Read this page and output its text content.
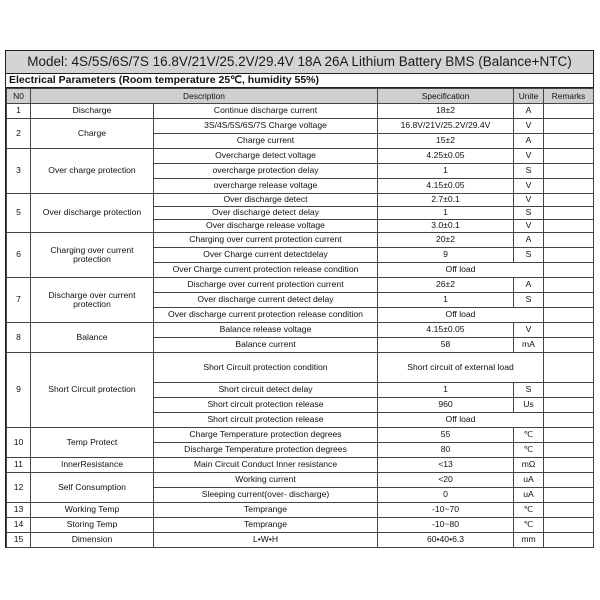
Model: 4S/5S/6S/7S 16.8V/21V/25.2V/29.4V 18A 26A Lithium Battery BMS (Balance+NTC)
Electrical Parameters (Room temperature 25℃, humidity 55%)
N0	Description		Specification	Unite	Remarks
1	Discharge	Continue discharge current	18±2	A	
2	Charge	3S/4S/5S/6S/7S Charge voltage	16.8V/21V/25.2V/29.4V	V	
		Charge current	15±2	A	
3	Over charge protection	Overcharge detect voltage	4.25±0.05	V	
		overcharge protection delay	1	S	
		overcharge release voltage	4.15±0.05	V	
5	Over discharge protection	Over discharge detect	2.7±0.1	V	
		Over discharge detect delay	1	S	
		Over discharge release voltage	3.0±0.1	V	
6	Charging over current protection	Charging over current protection current	20±2	A	
		Over Charge current detectdelay	9	S	
		Over Charge current protection release condition	Off load		
7	Discharge over current protection	Discharge over current protection current	26±2	A	
		Over discharge current detect delay	1	S	
		Over discharge current protection release condition	Off load		
8	Balance	Balance release voltage	4.15±0.05	V	
		Balance current	58	mA	
9	Short Circuit protection	Short Circuit protection condition	Short circuit of external load		
		Short circuit detect delay	1	S	
		Short circuit protection release	960	Us	
		Short circuit protection release	Off load		
10	Temp Protect	Charge Temperature protection degrees	55	℃	
		Discharge Temperature protection degrees	80	℃	
11	InnerResistance	Main Circuit Conduct Inner resistance	<13	mΩ	
12	Self Consumption	Working current	<20	uA	
		Sleeping current(over- discharge)	0	uA	
13	Working Temp	Temprange	-10~70	℃	
14	Storing Temp	Temprange	-10~80	℃	
15	Dimension	L•W•H	60•40•6.3	mm	
